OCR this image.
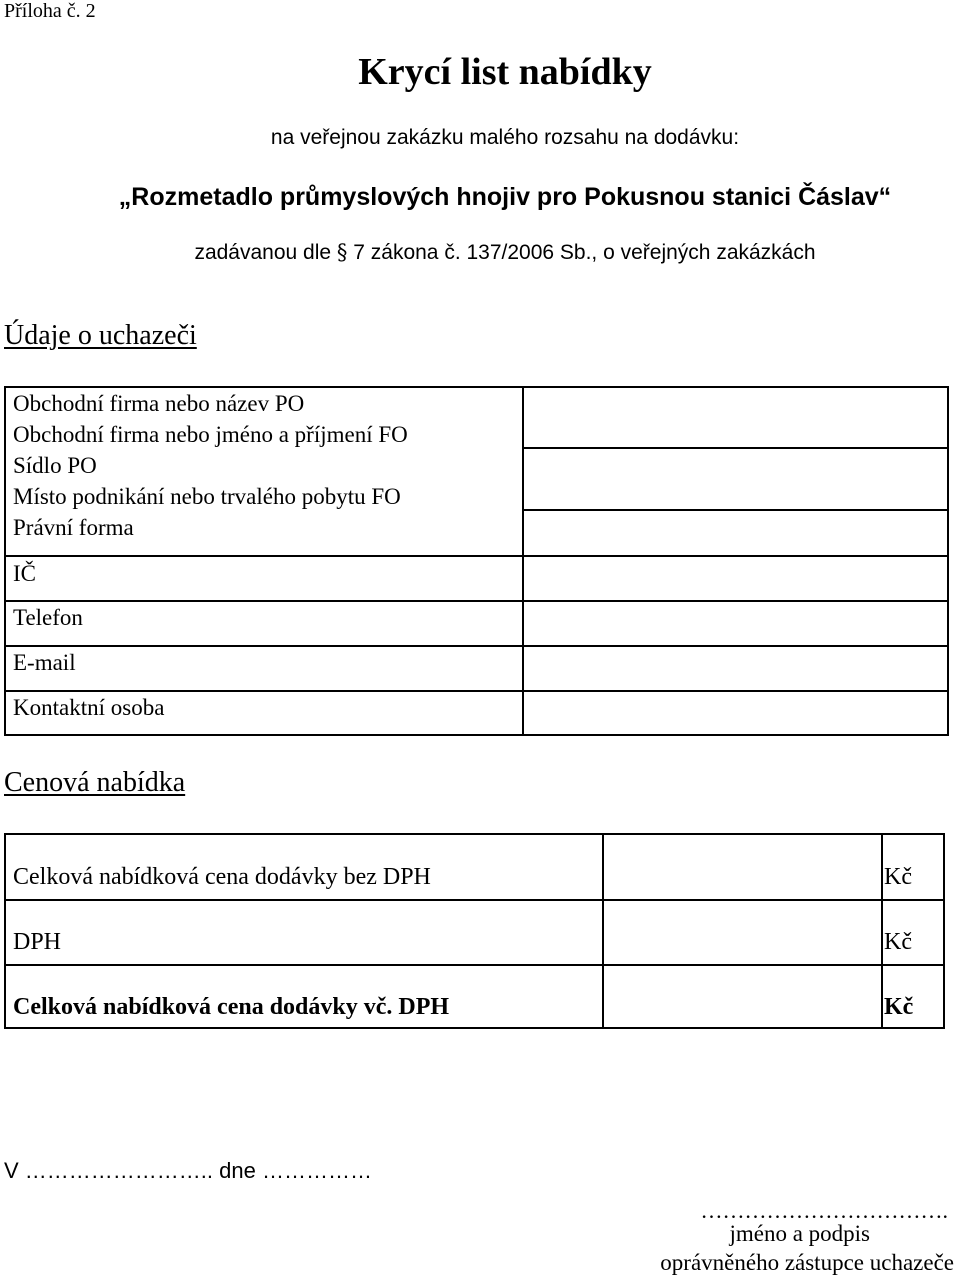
Příloha č. 2
Krycí list nabídky
na veřejnou zakázku malého rozsahu na dodávku:
„Rozmetadlo průmyslových hnojiv pro Pokusnou stanici Čáslav“
zadávanou dle § 7 zákona č. 137/2006 Sb., o veřejných zakázkách
Údaje o uchazeči
Obchodní firma nebo název PO
Obchodní firma nebo jméno a příjmení FO
Sídlo PO
Místo podnikání nebo trvalého pobytu FO
Právní forma
IČ
Telefon
E-mail
Kontaktní osoba
Cenová nabídka
Celková nabídková cena dodávky bez DPH	Kč
DPH	Kč
Celková nabídková cena dodávky vč. DPH	Kč
V …………………….. dne ……………
…………………………….
jméno a podpis
oprávněného zástupce uchazeče
